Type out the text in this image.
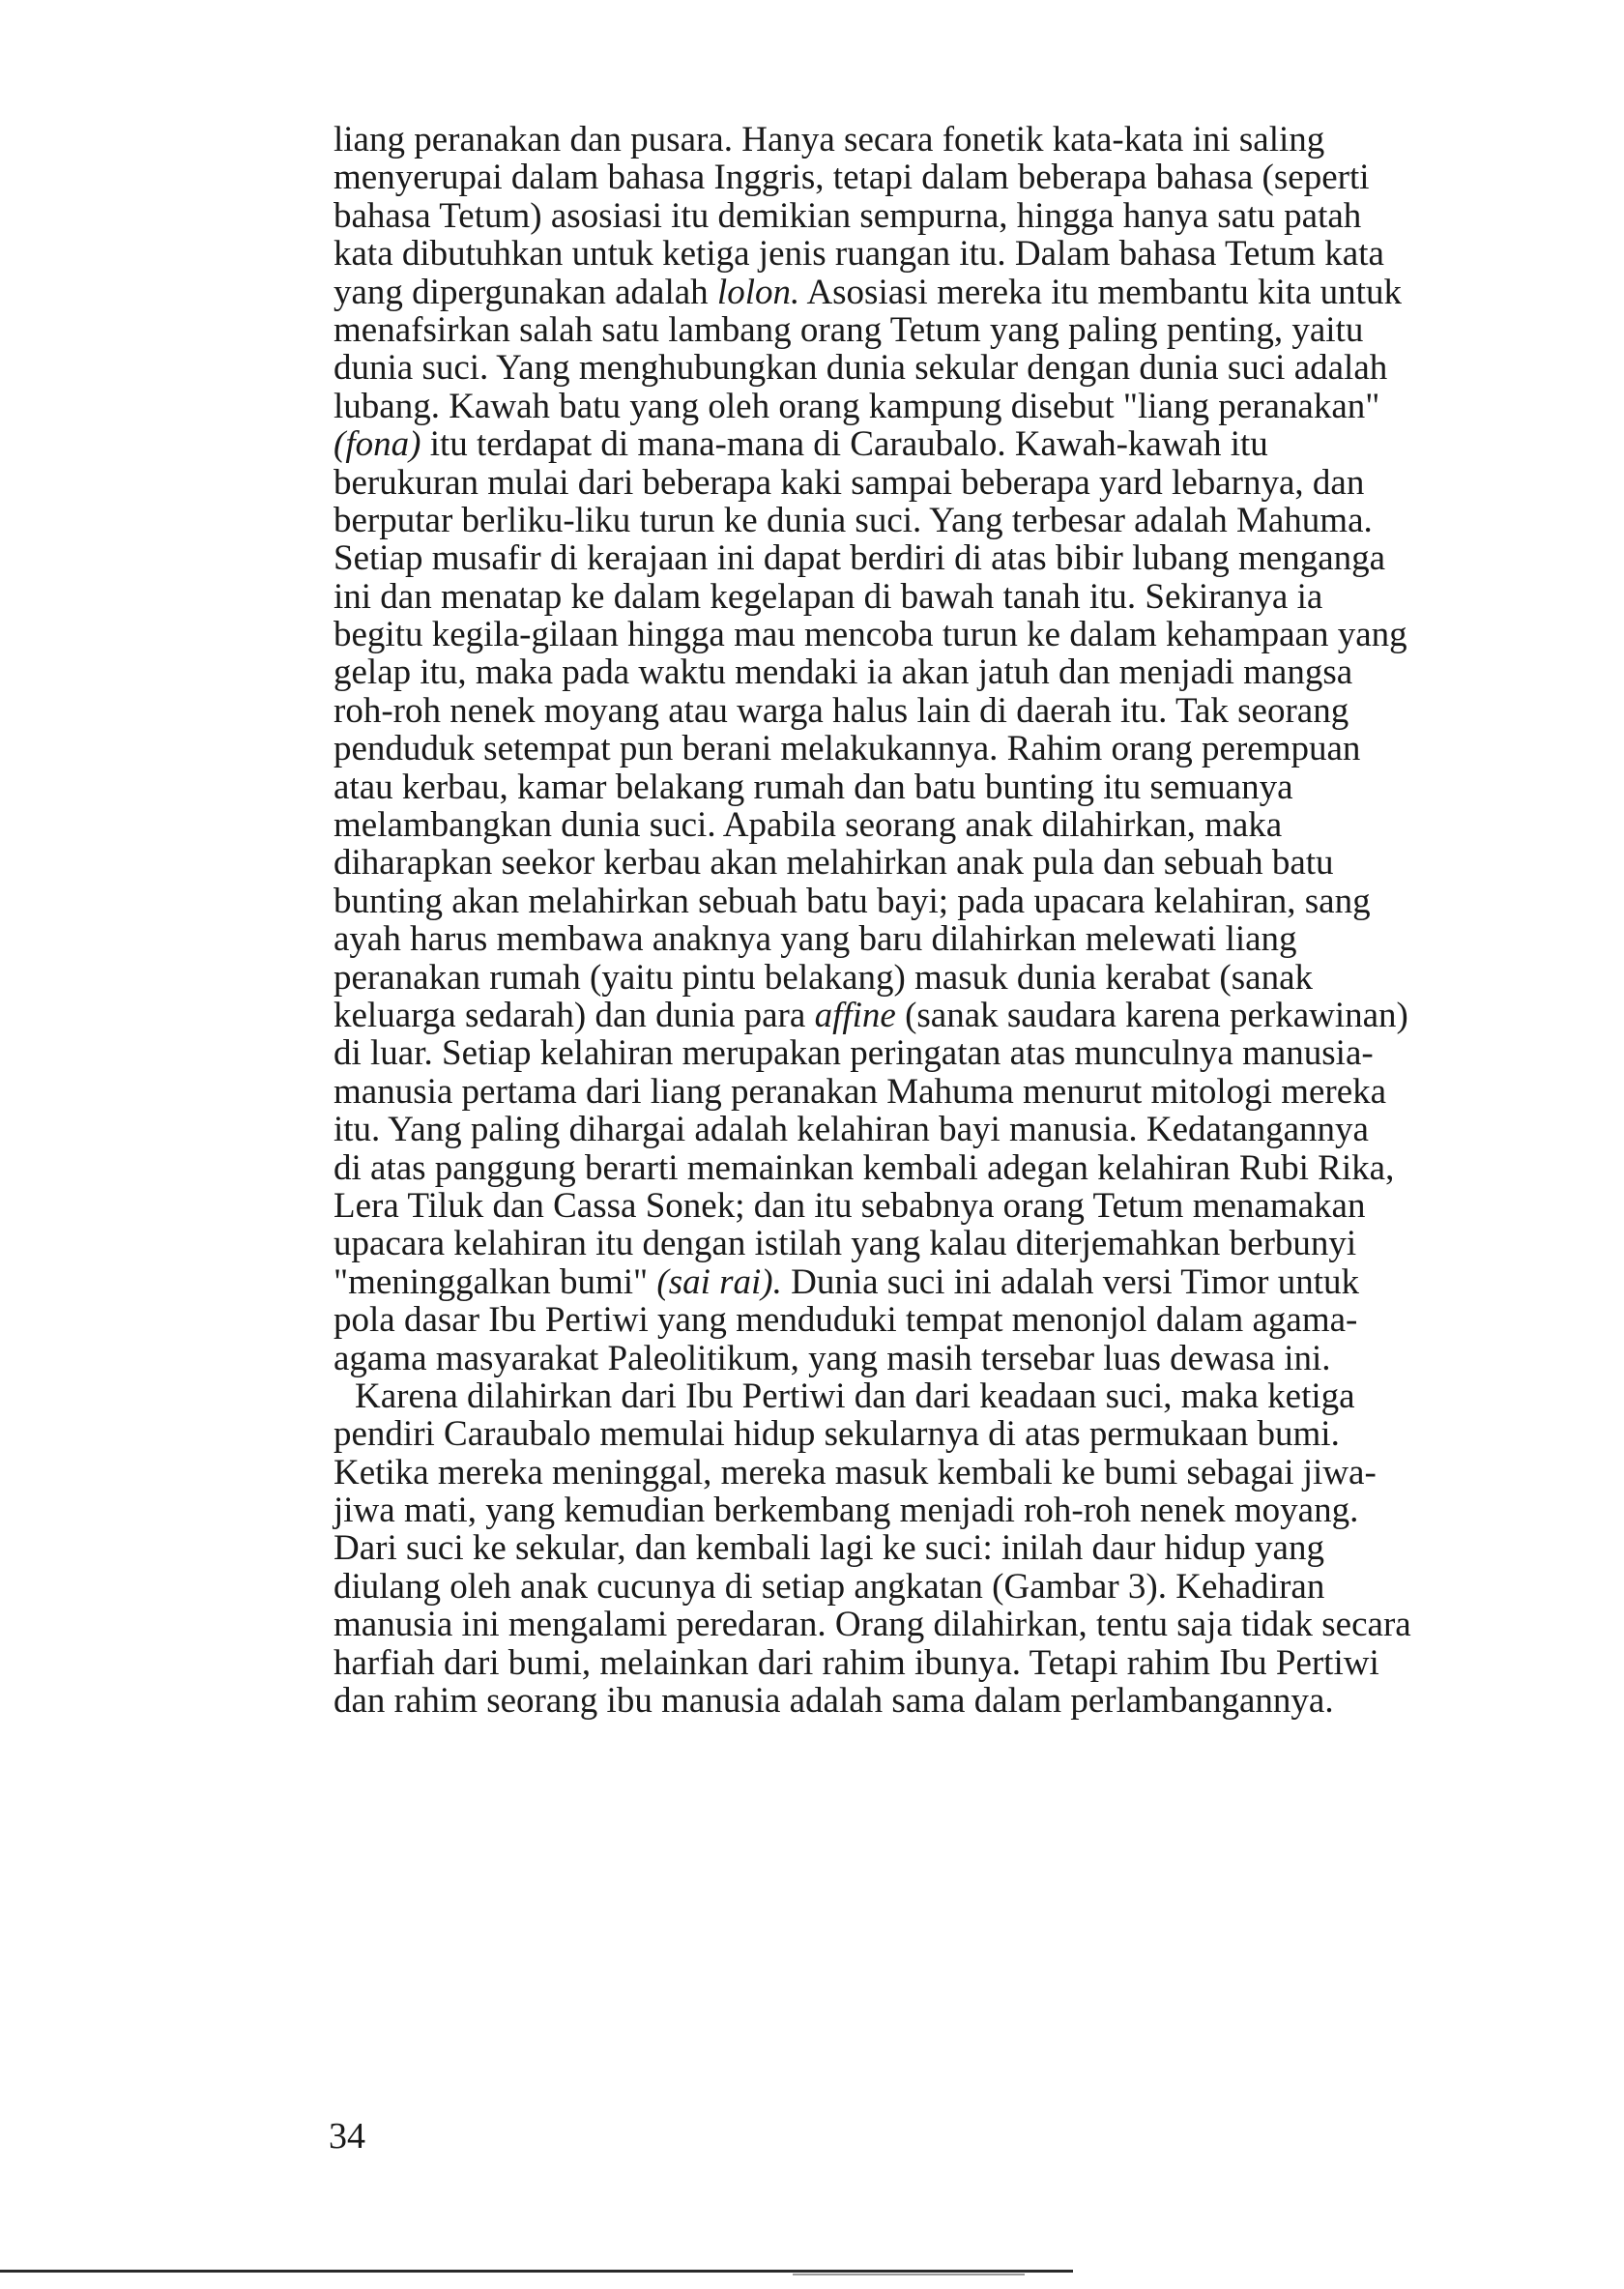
liang peranakan dan pusara. Hanya secara fonetik kata-kata ini saling
menyerupai dalam bahasa Inggris, tetapi dalam beberapa bahasa (seperti
bahasa Tetum) asosiasi itu demikian sempurna, hingga hanya satu patah
kata dibutuhkan untuk ketiga jenis ruangan itu. Dalam bahasa Tetum kata
yang dipergunakan adalah lolon. Asosiasi mereka itu membantu kita untuk
menafsirkan salah satu lambang orang Tetum yang paling penting, yaitu
dunia suci. Yang menghubungkan dunia sekular dengan dunia suci adalah
lubang. Kawah batu yang oleh orang kampung disebut "liang peranakan"
(fona) itu terdapat di mana-mana di Caraubalo. Kawah-kawah itu
berukuran mulai dari beberapa kaki sampai beberapa yard lebarnya, dan
berputar berliku-liku turun ke dunia suci. Yang terbesar adalah Mahuma.
Setiap musafir di kerajaan ini dapat berdiri di atas bibir lubang menganga
ini dan menatap ke dalam kegelapan di bawah tanah itu. Sekiranya ia
begitu kegila-gilaan hingga mau mencoba turun ke dalam kehampaan yang
gelap itu, maka pada waktu mendaki ia akan jatuh dan menjadi mangsa
roh-roh nenek moyang atau warga halus lain di daerah itu. Tak seorang
penduduk setempat pun berani melakukannya. Rahim orang perempuan
atau kerbau, kamar belakang rumah dan batu bunting itu semuanya
melambangkan dunia suci. Apabila seorang anak dilahirkan, maka
diharapkan seekor kerbau akan melahirkan anak pula dan sebuah batu
bunting akan melahirkan sebuah batu bayi; pada upacara kelahiran, sang
ayah harus membawa anaknya yang baru dilahirkan melewati liang
peranakan rumah (yaitu pintu belakang) masuk dunia kerabat (sanak
keluarga sedarah) dan dunia para affine (sanak saudara karena perkawinan)
di luar. Setiap kelahiran merupakan peringatan atas munculnya manusia-
manusia pertama dari liang peranakan Mahuma menurut mitologi mereka
itu. Yang paling dihargai adalah kelahiran bayi manusia. Kedatangannya
di atas panggung berarti memainkan kembali adegan kelahiran Rubi Rika,
Lera Tiluk dan Cassa Sonek; dan itu sebabnya orang Tetum menamakan
upacara kelahiran itu dengan istilah yang kalau diterjemahkan berbunyi
"meninggalkan bumi" (sai rai). Dunia suci ini adalah versi Timor untuk
pola dasar Ibu Pertiwi yang menduduki tempat menonjol dalam agama-
agama masyarakat Paleolitikum, yang masih tersebar luas dewasa ini.
Karena dilahirkan dari Ibu Pertiwi dan dari keadaan suci, maka ketiga
pendiri Caraubalo memulai hidup sekularnya di atas permukaan bumi.
Ketika mereka meninggal, mereka masuk kembali ke bumi sebagai jiwa-
jiwa mati, yang kemudian berkembang menjadi roh-roh nenek moyang.
Dari suci ke sekular, dan kembali lagi ke suci: inilah daur hidup yang
diulang oleh anak cucunya di setiap angkatan (Gambar 3). Kehadiran
manusia ini mengalami peredaran. Orang dilahirkan, tentu saja tidak secara
harfiah dari bumi, melainkan dari rahim ibunya. Tetapi rahim Ibu Pertiwi
dan rahim seorang ibu manusia adalah sama dalam perlambangannya.
34
